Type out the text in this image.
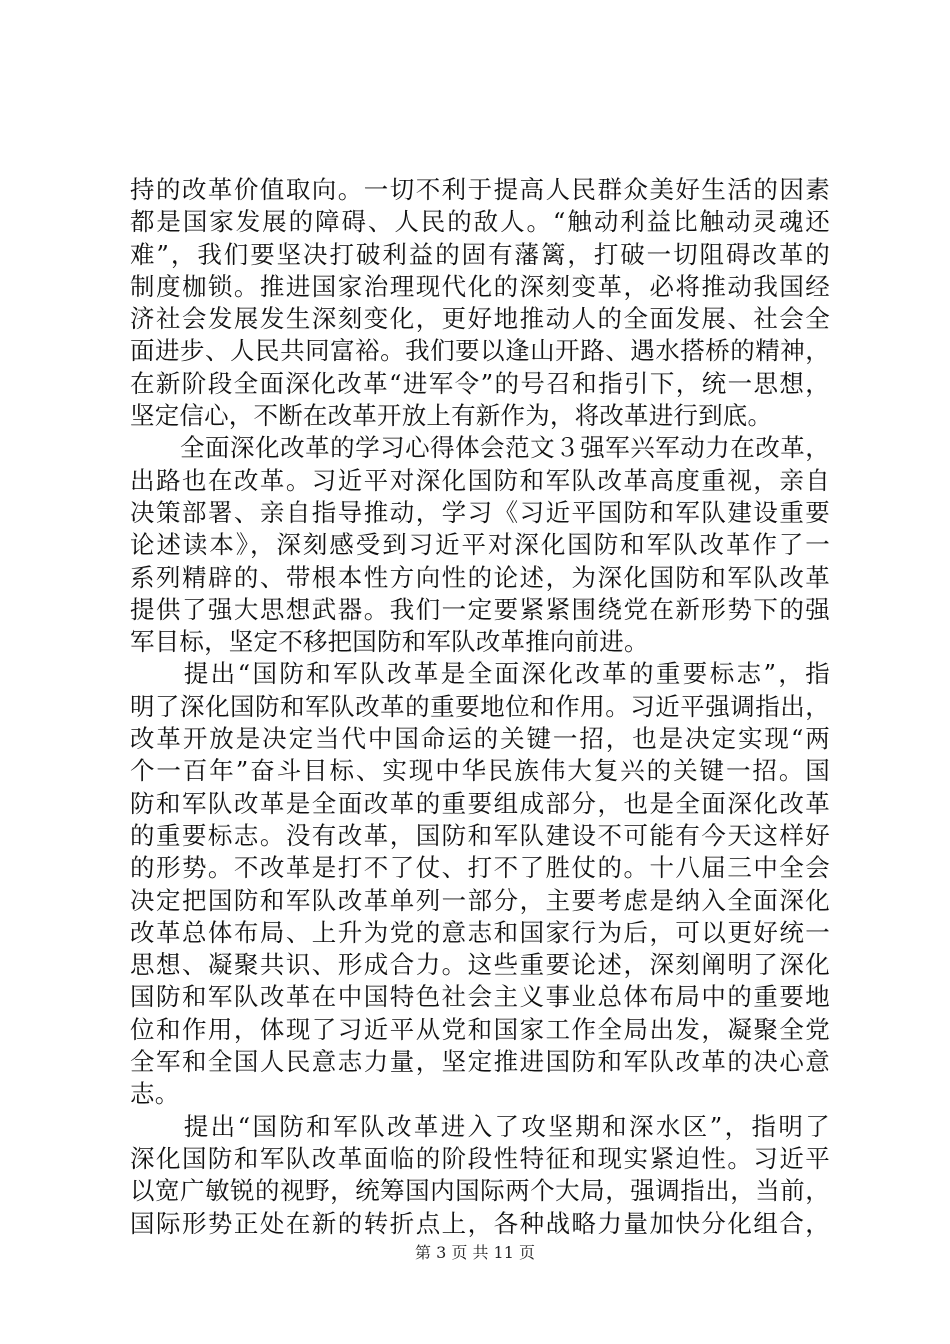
持的改革价值取向。一切不利于提高人民群众美好生活的因素
都是国家发展的障碍、人民的敌人。“触动利益比触动灵魂还
难”，我们要坚决打破利益的固有藩篱，打破一切阻碍改革的
制度枷锁。推进国家治理现代化的深刻变革，必将推动我国经
济社会发展发生深刻变化，更好地推动人的全面发展、社会全
面进步、人民共同富裕。我们要以逢山开路、遇水搭桥的精神，
在新阶段全面深化改革“进军令”的号召和指引下，统一思想，
坚定信心，不断在改革开放上有新作为，将改革进行到底。
　　全面深化改革的学习心得体会范文３强军兴军动力在改革，
出路也在改革。习近平对深化国防和军队改革高度重视，亲自
决策部署、亲自指导推动，学习《习近平国防和军队建设重要
论述读本》，深刻感受到习近平对深化国防和军队改革作了一
系列精辟的、带根本性方向性的论述，为深化国防和军队改革
提供了强大思想武器。我们一定要紧紧围绕党在新形势下的强
军目标，坚定不移把国防和军队改革推向前进。
　　提出“国防和军队改革是全面深化改革的重要标志”，指
明了深化国防和军队改革的重要地位和作用。习近平强调指出，
改革开放是决定当代中国命运的关键一招，也是决定实现“两
个一百年”奋斗目标、实现中华民族伟大复兴的关键一招。国
防和军队改革是全面改革的重要组成部分，也是全面深化改革
的重要标志。没有改革，国防和军队建设不可能有今天这样好
的形势。不改革是打不了仗、打不了胜仗的。十八届三中全会
决定把国防和军队改革单列一部分，主要考虑是纳入全面深化
改革总体布局、上升为党的意志和国家行为后，可以更好统一
思想、凝聚共识、形成合力。这些重要论述，深刻阐明了深化
国防和军队改革在中国特色社会主义事业总体布局中的重要地
位和作用，体现了习近平从党和国家工作全局出发，凝聚全党
全军和全国人民意志力量，坚定推进国防和军队改革的决心意
志。
　　提出“国防和军队改革进入了攻坚期和深水区”，指明了
深化国防和军队改革面临的阶段性特征和现实紧迫性。习近平
以宽广敏锐的视野，统筹国内国际两个大局，强调指出，当前，
国际形势正处在新的转折点上，各种战略力量加快分化组合，
第 3 页 共 11 页
